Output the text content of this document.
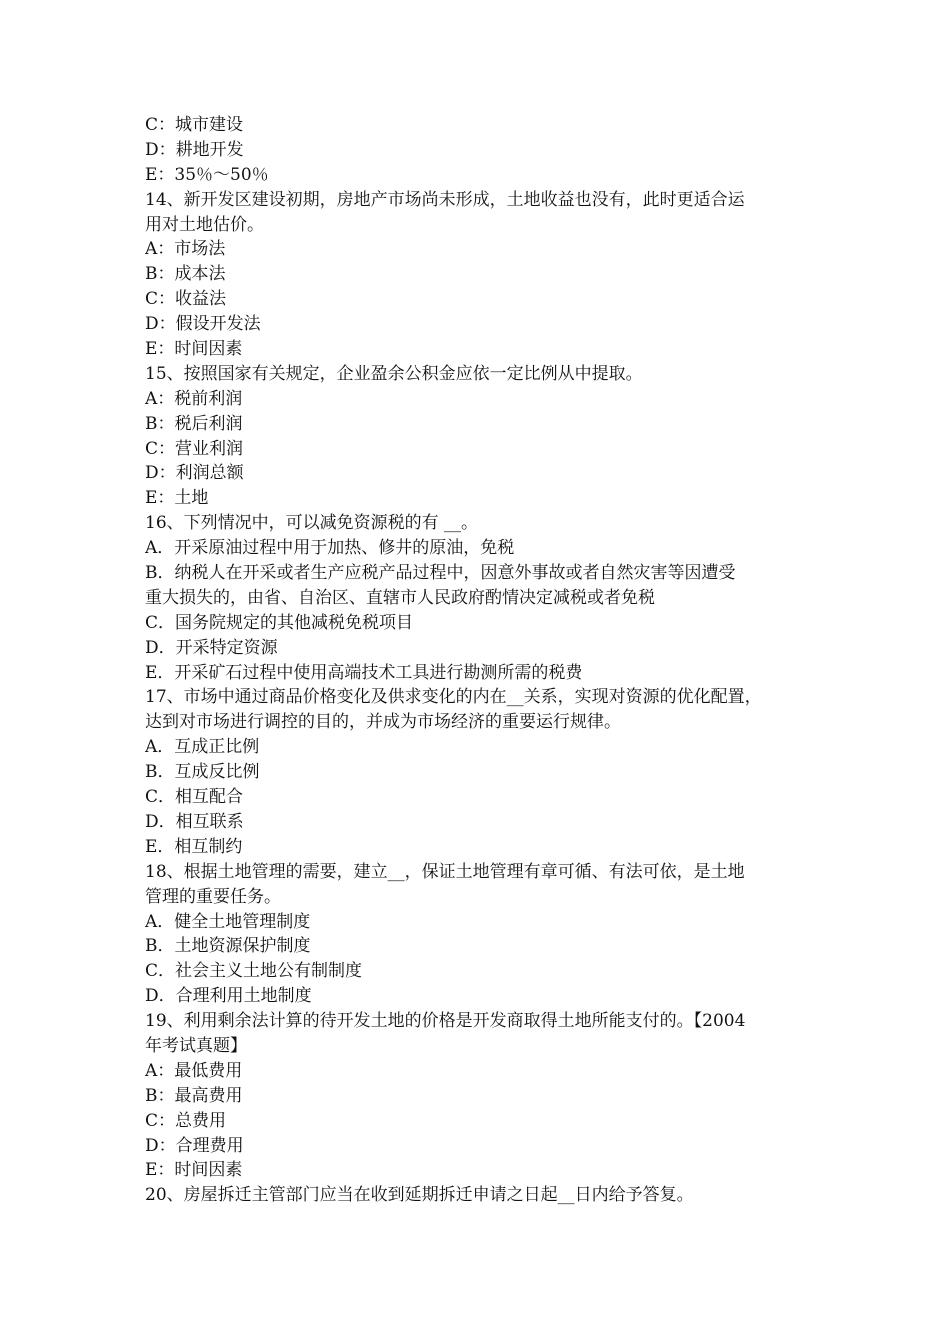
C：城市建设
D：耕地开发
E：35％～50％
14、新开发区建设初期，房地产市场尚未形成，土地收益也没有，此时更适合运
用对土地估价。
A：市场法
B：成本法
C：收益法
D：假设开发法
E：时间因素
15、按照国家有关规定，企业盈余公积金应依一定比例从中提取。
A：税前利润
B：税后利润
C：营业利润
D：利润总额
E：土地
16、下列情况中，可以减免资源税的有 __。
A．开采原油过程中用于加热、修井的原油，免税
B．纳税人在开采或者生产应税产品过程中，因意外事故或者自然灾害等因遭受
重大损失的，由省、自治区、直辖市人民政府酌情决定减税或者免税
C．国务院规定的其他减税免税项目
D．开采特定资源
E．开采矿石过程中使用高端技术工具进行勘测所需的税费
17、市场中通过商品价格变化及供求变化的内在__关系，实现对资源的优化配置，
达到对市场进行调控的目的，并成为市场经济的重要运行规律。
A．互成正比例
B．互成反比例
C．相互配合
D．相互联系
E．相互制约
18、根据土地管理的需要，建立__，保证土地管理有章可循、有法可依，是土地
管理的重要任务。
A．健全土地管理制度
B．土地资源保护制度
C．社会主义土地公有制制度
D．合理利用土地制度
19、利用剩余法计算的待开发土地的价格是开发商取得土地所能支付的。【2004
年考试真题】
A：最低费用
B：最高费用
C：总费用
D：合理费用
E：时间因素
20、房屋拆迁主管部门应当在收到延期拆迁申请之日起__日内给予答复。
